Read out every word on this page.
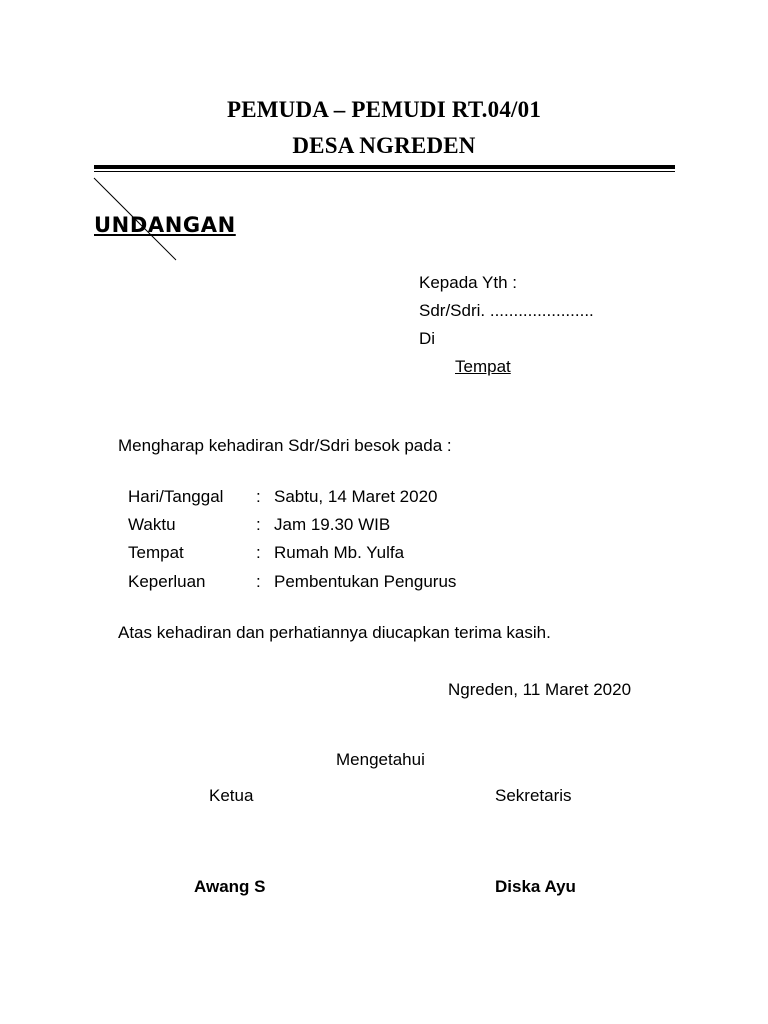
PEMUDA – PEMUDI RT.04/01
DESA NGREDEN
UNDANGAN
Kepada Yth :
Sdr/Sdri. ......................
Di
Tempat
Mengharap kehadiran Sdr/Sdri besok pada :
Hari/Tanggal : Sabtu, 14 Maret 2020
Waktu	: Jam 19.30 WIB
Tempat	: Rumah Mb. Yulfa
Keperluan	: Pembentukan Pengurus
Atas kehadiran dan perhatiannya diucapkan terima kasih.
Ngreden, 11 Maret 2020
Mengetahui
Ketua	Sekretaris
Awang S	Diska Ayu
